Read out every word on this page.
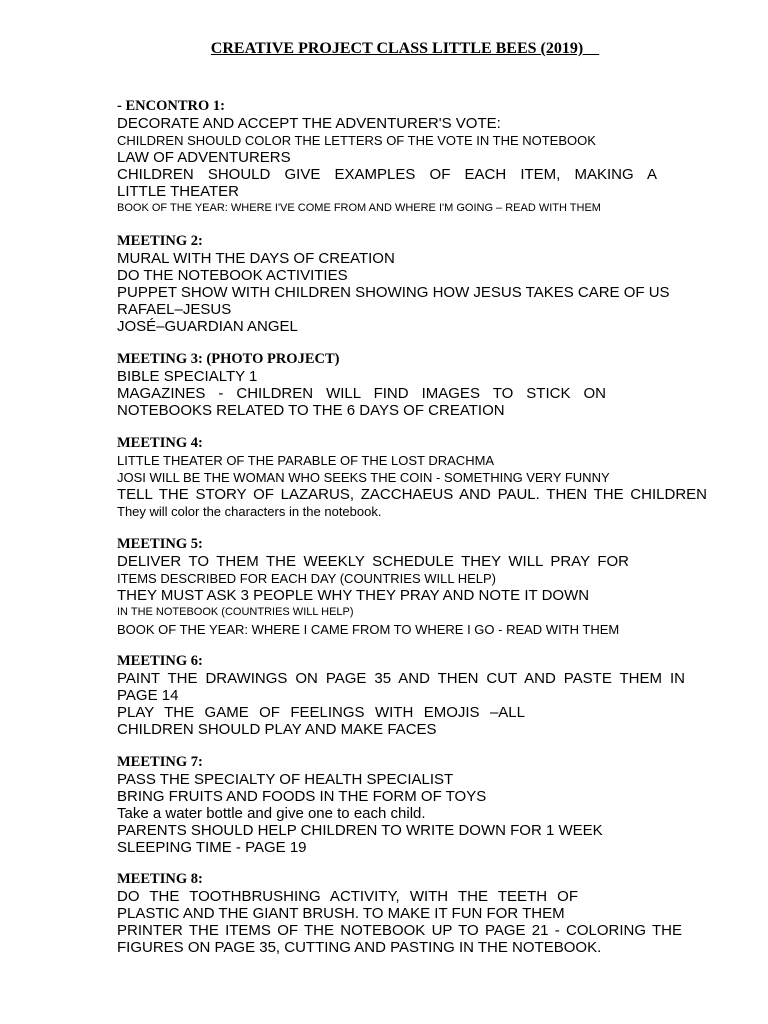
CREATIVE PROJECT CLASS LITTLE BEES (2019)
- ENCONTRO 1:
DECORATE AND ACCEPT THE ADVENTURER'S VOTE:
CHILDREN SHOULD COLOR THE LETTERS OF THE VOTE IN THE NOTEBOOK
LAW OF ADVENTURERS
CHILDREN SHOULD GIVE EXAMPLES OF EACH ITEM, MAKING A
LITTLE THEATER
BOOK OF THE YEAR: WHERE I'VE COME FROM AND WHERE I'M GOING – READ WITH THEM
MEETING 2:
MURAL WITH THE DAYS OF CREATION
DO THE NOTEBOOK ACTIVITIES
PUPPET SHOW WITH CHILDREN SHOWING HOW JESUS TAKES CARE OF US
RAFAEL–JESUS
JOSÉ–GUARDIAN ANGEL
MEETING 3: (PHOTO PROJECT)
BIBLE SPECIALTY 1
MAGAZINES - CHILDREN WILL FIND IMAGES TO STICK ON
NOTEBOOKS RELATED TO THE 6 DAYS OF CREATION
MEETING 4:
LITTLE THEATER OF THE PARABLE OF THE LOST DRACHMA
JOSI WILL BE THE WOMAN WHO SEEKS THE COIN - SOMETHING VERY FUNNY
TELL THE STORY OF LAZARUS, ZACCHAEUS AND PAUL. THEN THE CHILDREN
They will color the characters in the notebook.
MEETING 5:
DELIVER TO THEM THE WEEKLY SCHEDULE THEY WILL PRAY FOR
ITEMS DESCRIBED FOR EACH DAY (COUNTRIES WILL HELP)
THEY MUST ASK 3 PEOPLE WHY THEY PRAY AND NOTE IT DOWN
IN THE NOTEBOOK (COUNTRIES WILL HELP)
BOOK OF THE YEAR: WHERE I CAME FROM TO WHERE I GO - READ WITH THEM
MEETING 6:
PAINT THE DRAWINGS ON PAGE 35 AND THEN CUT AND PASTE THEM IN
PAGE 14
PLAY THE GAME OF FEELINGS WITH EMOJIS –ALL
CHILDREN SHOULD PLAY AND MAKE FACES
MEETING 7:
PASS THE SPECIALTY OF HEALTH SPECIALIST
BRING FRUITS AND FOODS IN THE FORM OF TOYS
Take a water bottle and give one to each child.
PARENTS SHOULD HELP CHILDREN TO WRITE DOWN FOR 1 WEEK
SLEEPING TIME - PAGE 19
MEETING 8:
DO THE TOOTHBRUSHING ACTIVITY, WITH THE TEETH OF
PLASTIC AND THE GIANT BRUSH. TO MAKE IT FUN FOR THEM
PRINTER THE ITEMS OF THE NOTEBOOK UP TO PAGE 21 - COLORING THE
FIGURES ON PAGE 35, CUTTING AND PASTING IN THE NOTEBOOK.
